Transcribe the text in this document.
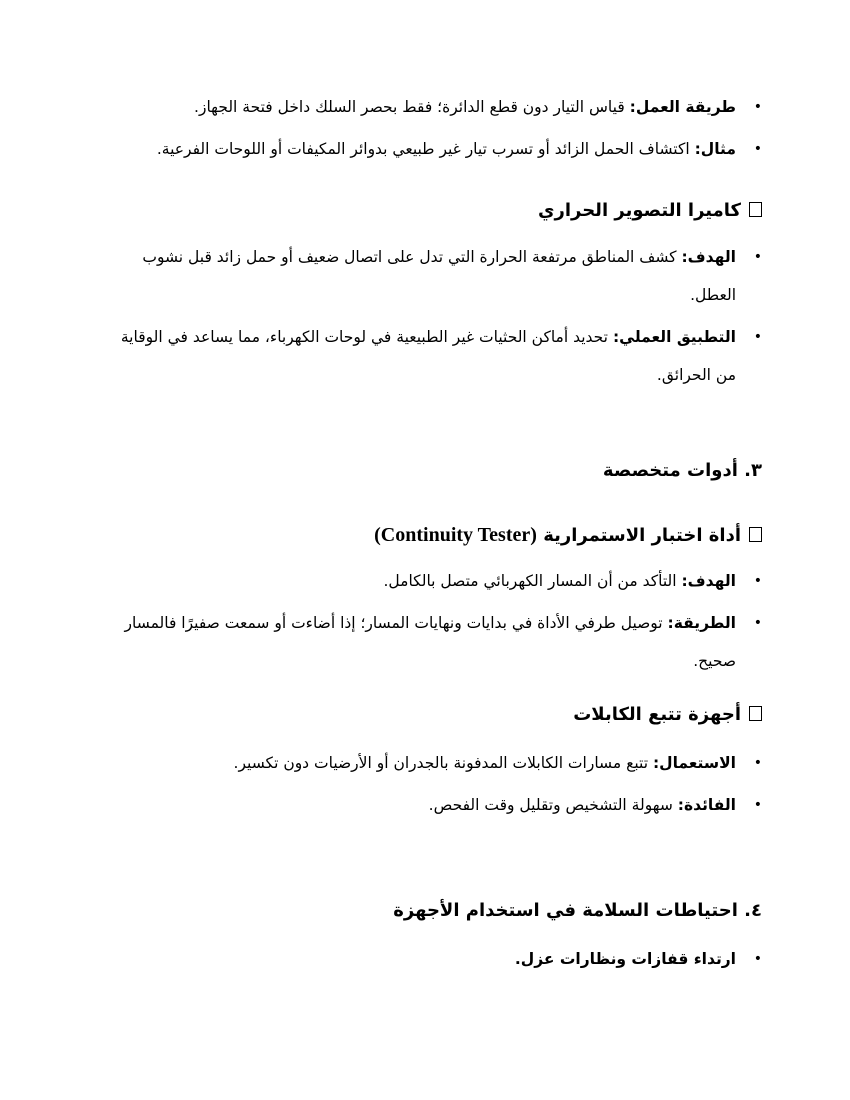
• طريقة العمل: قياس التيار دون قطع الدائرة؛ فقط بحصر السلك داخل فتحة الجهاز.
• مثال: اكتشاف الحمل الزائد أو تسرب تيار غير طبيعي بدوائر المكيفات أو اللوحات الفرعية.
كاميرا التصوير الحراري
• الهدف: كشف المناطق مرتفعة الحرارة التي تدل على اتصال ضعيف أو حمل زائد قبل نشوب العطل.
• التطبيق العملي: تحديد أماكن الحثيات غير الطبيعية في لوحات الكهرباء، مما يساعد في الوقاية من الحرائق.
٣. أدوات متخصصة
أداة اختبار الاستمرارية (Continuity Tester)
• الهدف: التأكد من أن المسار الكهربائي متصل بالكامل.
• الطريقة: توصيل طرفي الأداة في بدايات ونهايات المسار؛ إذا أضاءت أو سمعت صفيرًا فالمسار صحيح.
أجهزة تتبع الكابلات
• الاستعمال: تتبع مسارات الكابلات المدفونة بالجدران أو الأرضيات دون تكسير.
• الفائدة: سهولة التشخيص وتقليل وقت الفحص.
٤. احتياطات السلامة في استخدام الأجهزة
• ارتداء قفازات ونظارات عزل.
